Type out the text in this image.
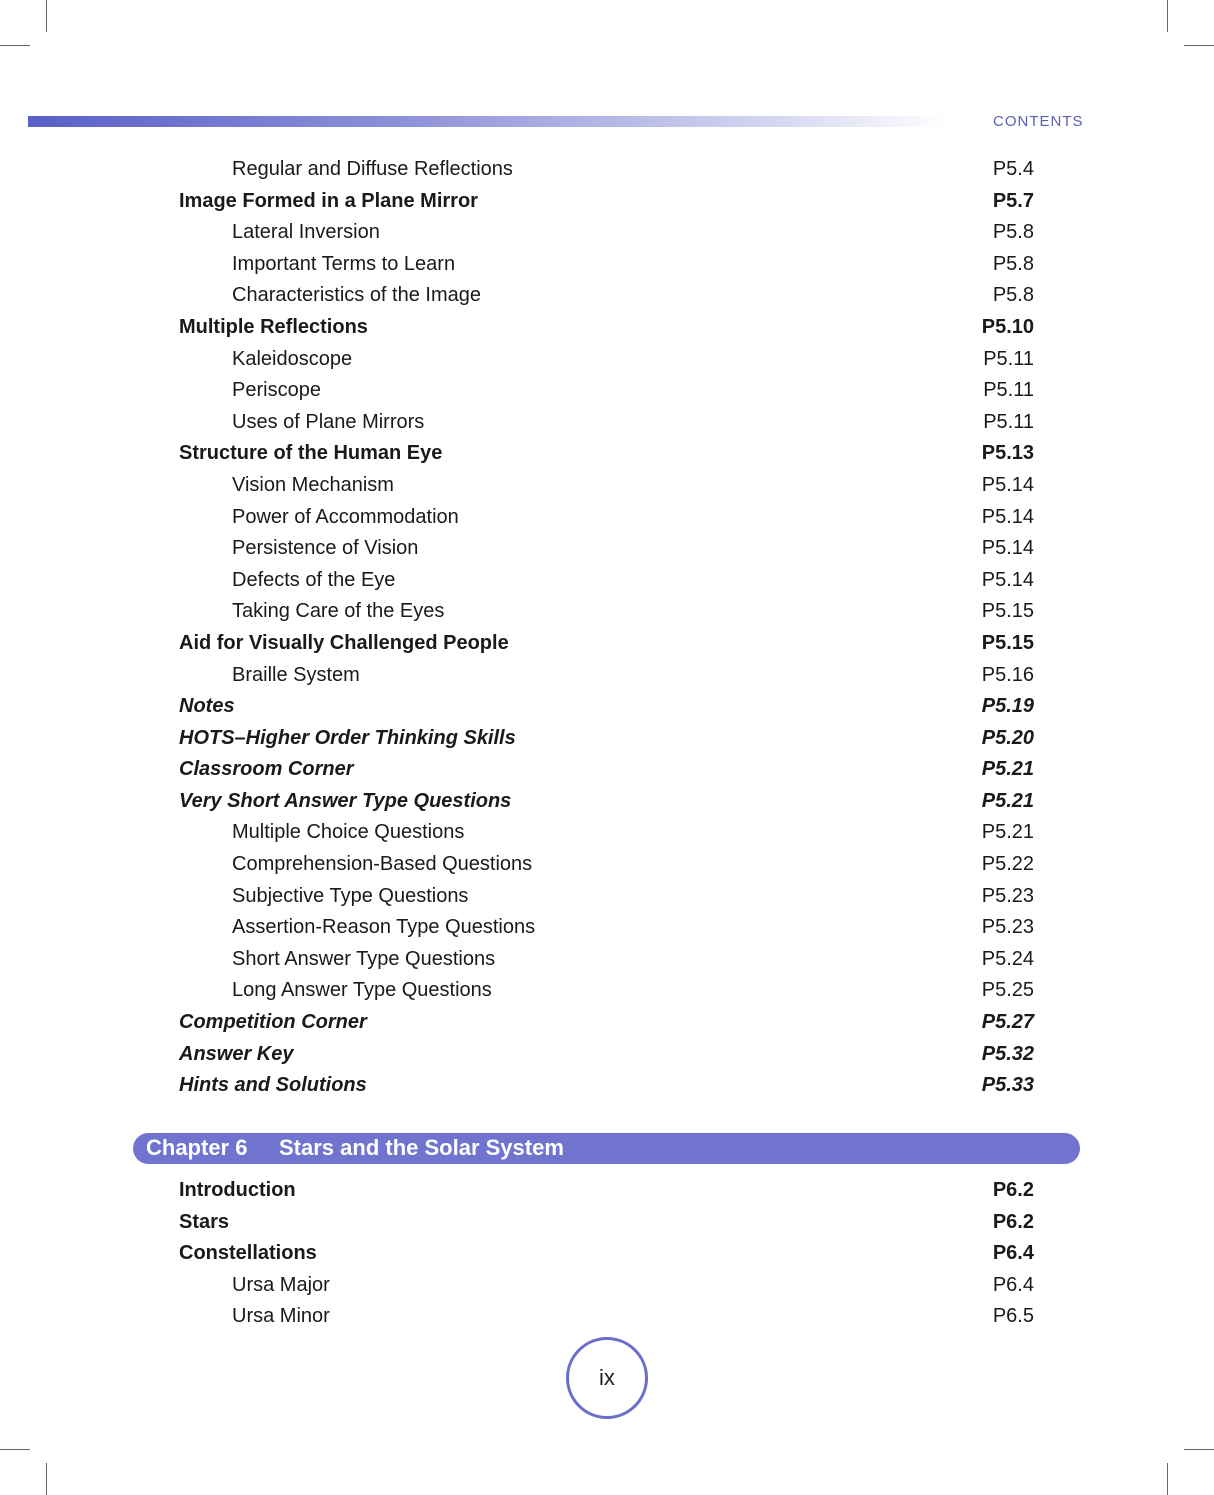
CONTENTS
Regular and Diffuse Reflections	P5.4
Image Formed in a Plane Mirror	P5.7
Lateral Inversion	P5.8
Important Terms to Learn	P5.8
Characteristics of the Image	P5.8
Multiple Reflections	P5.10
Kaleidoscope	P5.11
Periscope	P5.11
Uses of Plane Mirrors	P5.11
Structure of the Human Eye	P5.13
Vision Mechanism	P5.14
Power of Accommodation	P5.14
Persistence of Vision	P5.14
Defects of the Eye	P5.14
Taking Care of the Eyes	P5.15
Aid for Visually Challenged People	P5.15
Braille System	P5.16
Notes	P5.19
HOTS–Higher Order Thinking Skills	P5.20
Classroom Corner	P5.21
Very Short Answer Type Questions	P5.21
Multiple Choice Questions	P5.21
Comprehension-Based Questions	P5.22
Subjective Type Questions	P5.23
Assertion-Reason Type Questions	P5.23
Short Answer Type Questions	P5.24
Long Answer Type Questions	P5.25
Competition Corner	P5.27
Answer Key	P5.32
Hints and Solutions	P5.33
Chapter 6 Stars and the Solar System
Introduction	P6.2
Stars	P6.2
Constellations	P6.4
Ursa Major	P6.4
Ursa Minor	P6.5
ix
